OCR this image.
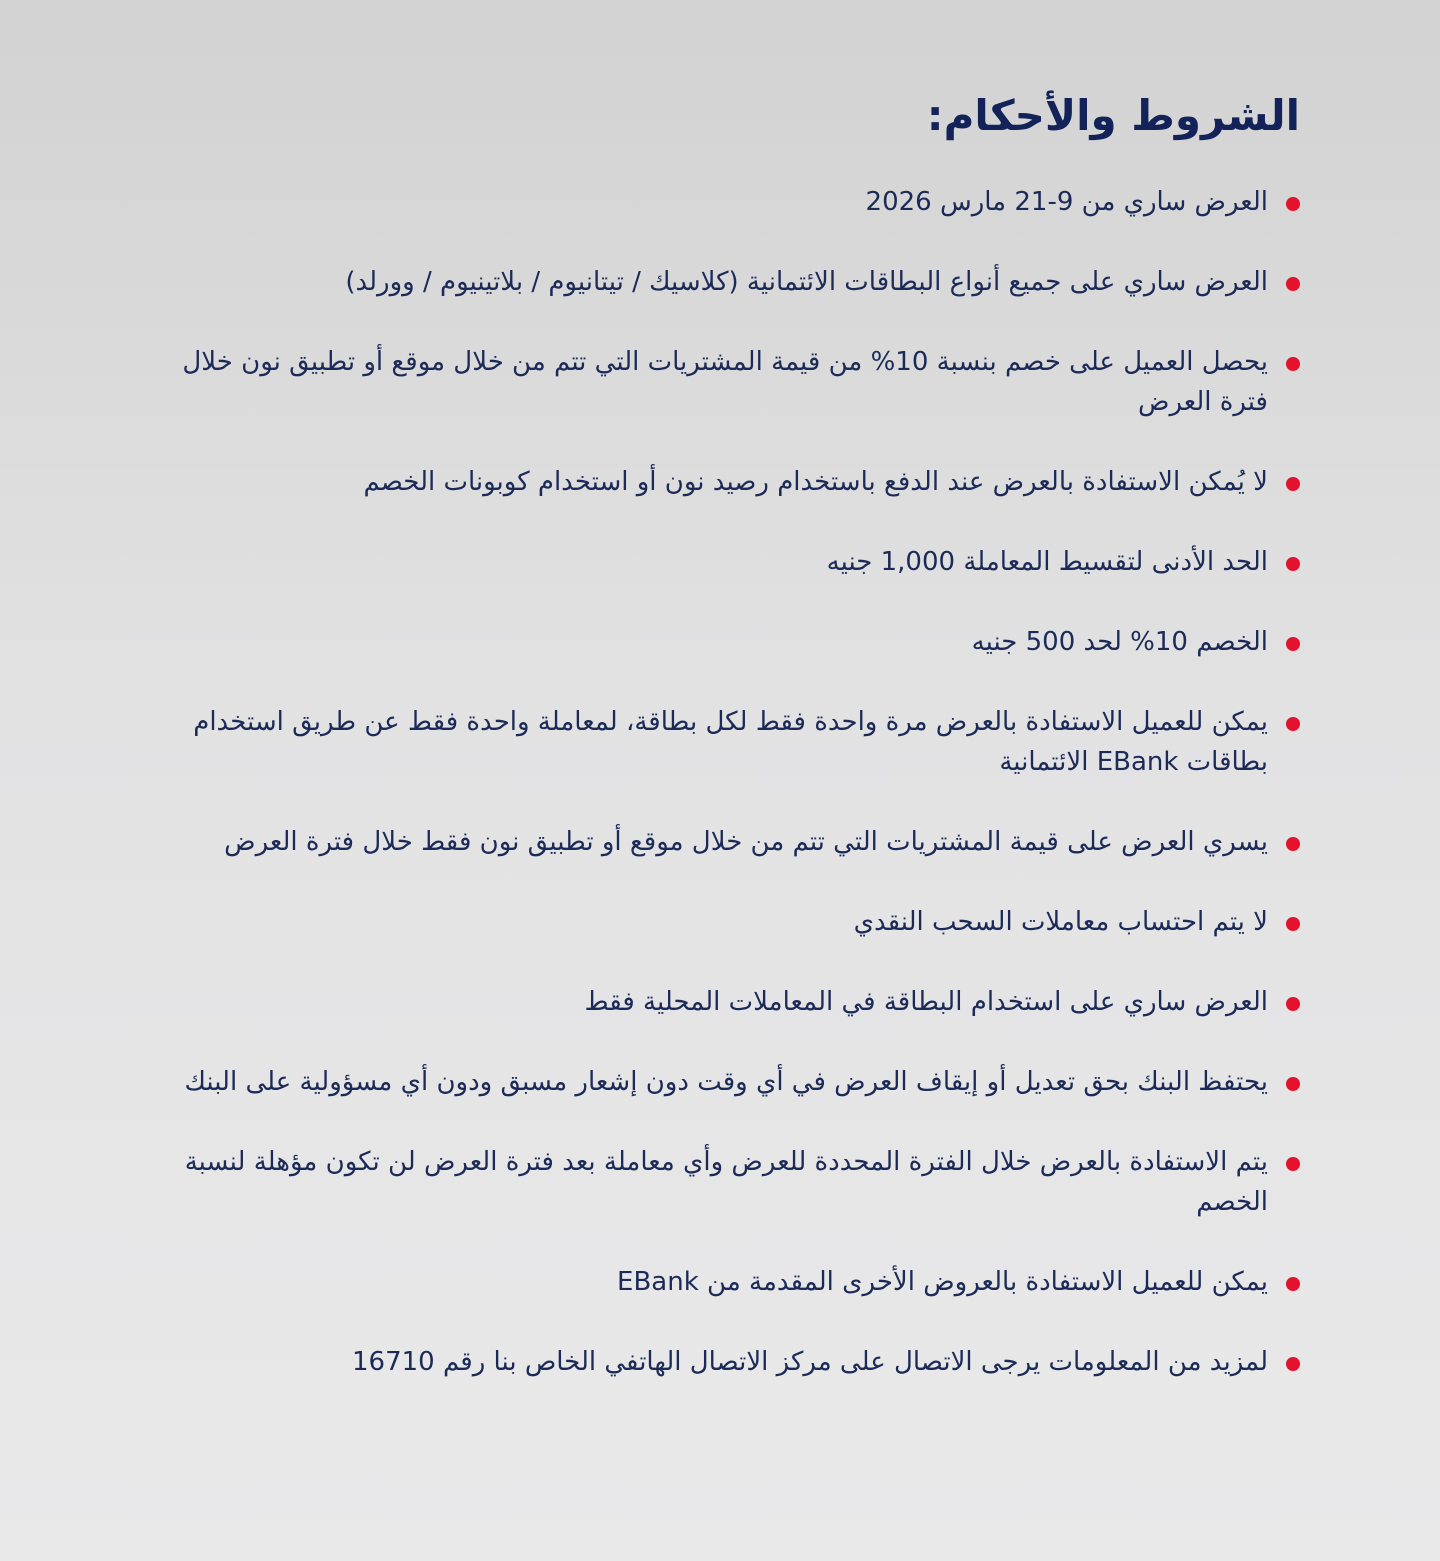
الشروط والأحكام:
العرض ساري من 9-21 مارس 2026
العرض ساري على جميع أنواع البطاقات الائتمانية (كلاسيك / تيتانيوم / بلاتينيوم / وورلد)
يحصل العميل على خصم بنسبة 10% من قيمة المشتريات التي تتم من خلال موقع أو تطبيق نون خلال فترة العرض
لا يُمكن الاستفادة بالعرض عند الدفع باستخدام رصيد نون أو استخدام كوبونات الخصم
الحد الأدنى لتقسيط المعاملة 1,000 جنيه
الخصم 10% لحد 500 جنيه
يمكن للعميل الاستفادة بالعرض مرة واحدة فقط لكل بطاقة، لمعاملة واحدة فقط عن طريق استخدام بطاقات EBank الائتمانية
يسري العرض على قيمة المشتريات التي تتم من خلال موقع أو تطبيق نون فقط خلال فترة العرض
لا يتم احتساب معاملات السحب النقدي
العرض ساري على استخدام البطاقة في المعاملات المحلية فقط
يحتفظ البنك بحق تعديل أو إيقاف العرض في أي وقت دون إشعار مسبق ودون أي مسؤولية على البنك
يتم الاستفادة بالعرض خلال الفترة المحددة للعرض وأي معاملة بعد فترة العرض لن تكون مؤهلة لنسبة الخصم
يمكن للعميل الاستفادة بالعروض الأخرى المقدمة من EBank
لمزيد من المعلومات يرجى الاتصال على مركز الاتصال الهاتفي الخاص بنا رقم 16710
